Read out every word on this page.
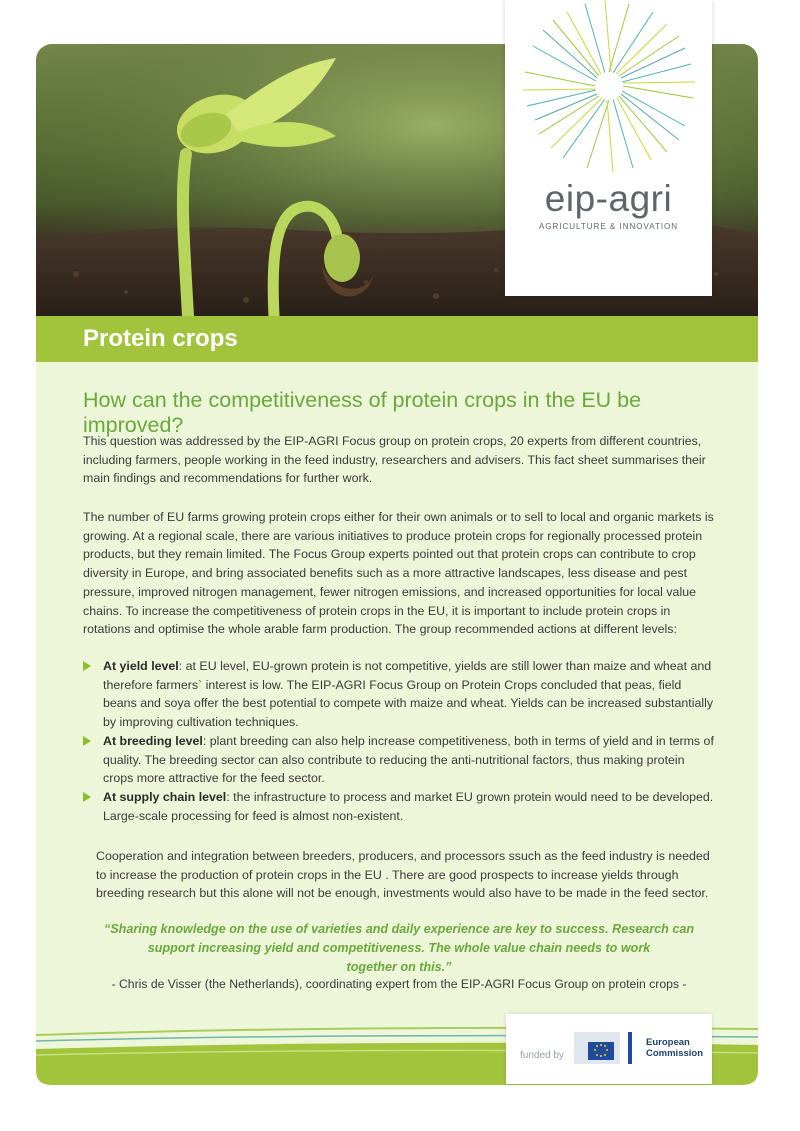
eip-agri
AGRICULTURE & INNOVATION
Protein crops
How can the competitiveness of protein crops in the EU be improved?

This question was addressed by the EIP-AGRI Focus group on protein crops, 20 experts from different countries, including farmers, people working in the feed industry, researchers and advisers. This fact sheet summarises their main findings and recommendations for further work.

The number of EU farms growing protein crops either for their own animals or to sell to local and organic markets is growing. At a regional scale, there are various initiatives to produce protein crops for regionally processed protein products, but they remain limited. The Focus Group experts pointed out that protein crops can contribute to crop diversity in Europe, and bring associated benefits such as a more attractive landscapes, less disease and pest pressure, improved nitrogen management, fewer nitrogen emissions, and increased opportunities for local value chains. To increase the competitiveness of protein crops in the EU, it is important to include protein crops in rotations and optimise the whole arable farm production. The group recommended actions at different levels:

At yield level: at EU level, EU-grown protein is not competitive, yields are still lower than maize and wheat and therefore farmers` interest is low. The EIP-AGRI Focus Group on Protein Crops concluded that peas, field beans and soya offer the best potential to compete with maize and wheat. Yields can be increased substantially by improving cultivation techniques.

At breeding level: plant breeding can also help increase competitiveness, both in terms of yield and in terms of quality. The breeding sector can also contribute to reducing the anti-nutritional factors, thus making protein crops more attractive for the feed sector.

At supply chain level: the infrastructure to process and market EU grown protein would need to be developed. Large-scale processing for feed is almost non-existent.

Cooperation and integration between breeders, producers, and processors ssuch as the feed industry is needed to increase the production of protein crops in the EU . There are good prospects to increase yields through breeding research but this alone will not be enough, investments would also have to be made in the feed sector.

“Sharing knowledge on the use of varieties and daily experience are key to success. Research can
support increasing yield and competitiveness. The whole value chain needs to work
together on this.”
- Chris de Visser (the Netherlands), coordinating expert from the EIP-AGRI Focus Group on protein crops -
funded by
European
Commission
